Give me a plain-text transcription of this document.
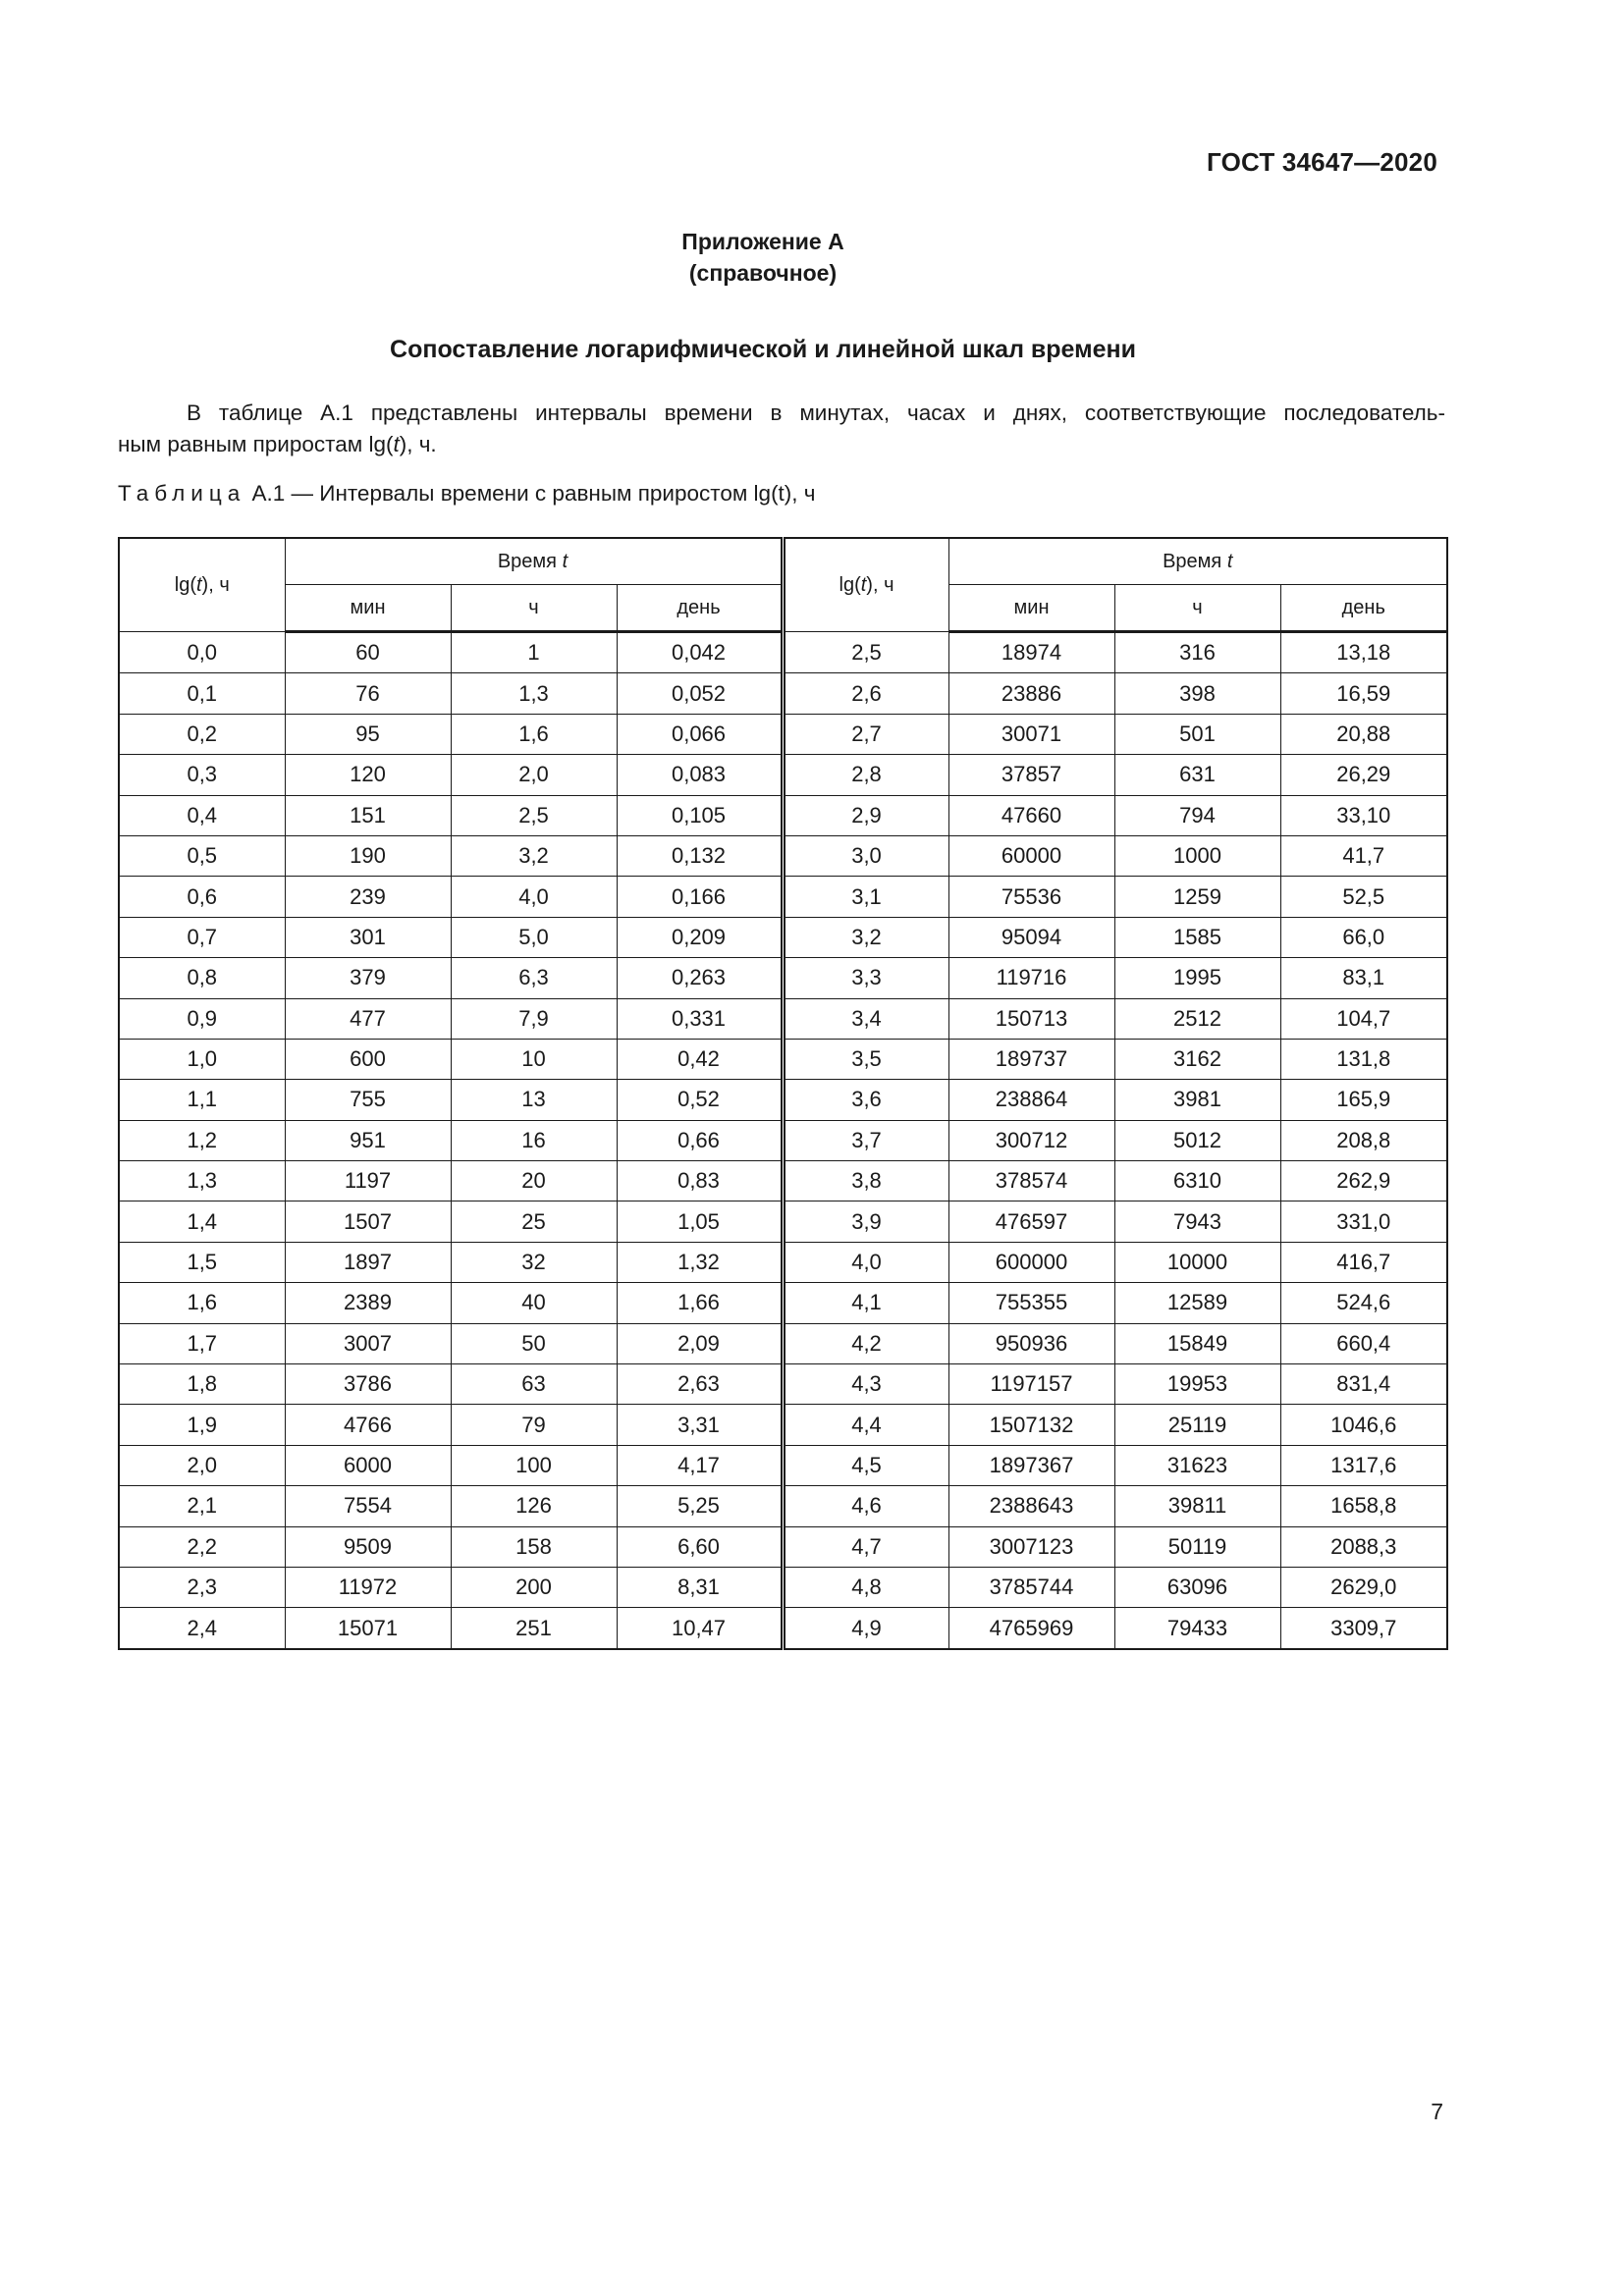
ГОСТ 34647—2020
Приложение А
(справочное)
Сопоставление логарифмической и линейной шкал времени
В таблице А.1 представлены интервалы времени в минутах, часах и днях, соответствующие последователь-
ным равным приростам lg(t), ч.
Таблица А.1 — Интервалы времени с равным приростом lg(t), ч
lg(t), ч	Время t			lg(t), ч	Время t		
	мин	ч	день		мин	ч	день
0,0	60	1	0,042	2,5	18974	316	13,18
0,1	76	1,3	0,052	2,6	23886	398	16,59
0,2	95	1,6	0,066	2,7	30071	501	20,88
0,3	120	2,0	0,083	2,8	37857	631	26,29
0,4	151	2,5	0,105	2,9	47660	794	33,10
0,5	190	3,2	0,132	3,0	60000	1000	41,7
0,6	239	4,0	0,166	3,1	75536	1259	52,5
0,7	301	5,0	0,209	3,2	95094	1585	66,0
0,8	379	6,3	0,263	3,3	119716	1995	83,1
0,9	477	7,9	0,331	3,4	150713	2512	104,7
1,0	600	10	0,42	3,5	189737	3162	131,8
1,1	755	13	0,52	3,6	238864	3981	165,9
1,2	951	16	0,66	3,7	300712	5012	208,8
1,3	1197	20	0,83	3,8	378574	6310	262,9
1,4	1507	25	1,05	3,9	476597	7943	331,0
1,5	1897	32	1,32	4,0	600000	10000	416,7
1,6	2389	40	1,66	4,1	755355	12589	524,6
1,7	3007	50	2,09	4,2	950936	15849	660,4
1,8	3786	63	2,63	4,3	1197157	19953	831,4
1,9	4766	79	3,31	4,4	1507132	25119	1046,6
2,0	6000	100	4,17	4,5	1897367	31623	1317,6
2,1	7554	126	5,25	4,6	2388643	39811	1658,8
2,2	9509	158	6,60	4,7	3007123	50119	2088,3
2,3	11972	200	8,31	4,8	3785744	63096	2629,0
2,4	15071	251	10,47	4,9	4765969	79433	3309,7
7
